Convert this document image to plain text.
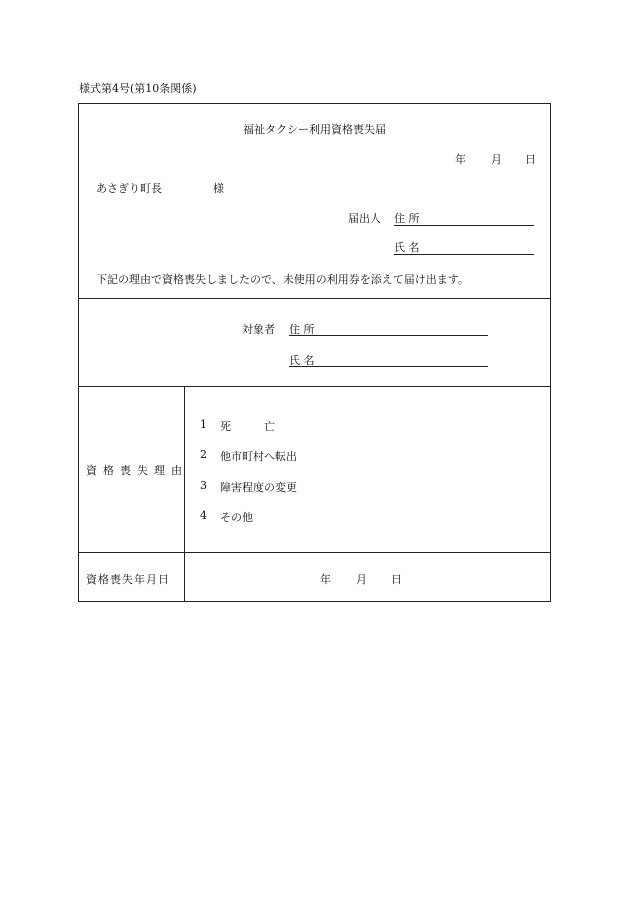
様式第4号(第10条関係)
福祉タクシー利用資格喪失届
年 月 日
あさぎり町長	様
届出人 住 所
氏 名
下記の理由で資格喪失しましたので、未使用の利用券を添えて届け出ます。
対象者 住 所
氏 名
資格喪失理由
1 死　　　亡
2 他市町村へ転出
3 障害程度の変更
4 その他
資格喪失年月日	年 月 日
